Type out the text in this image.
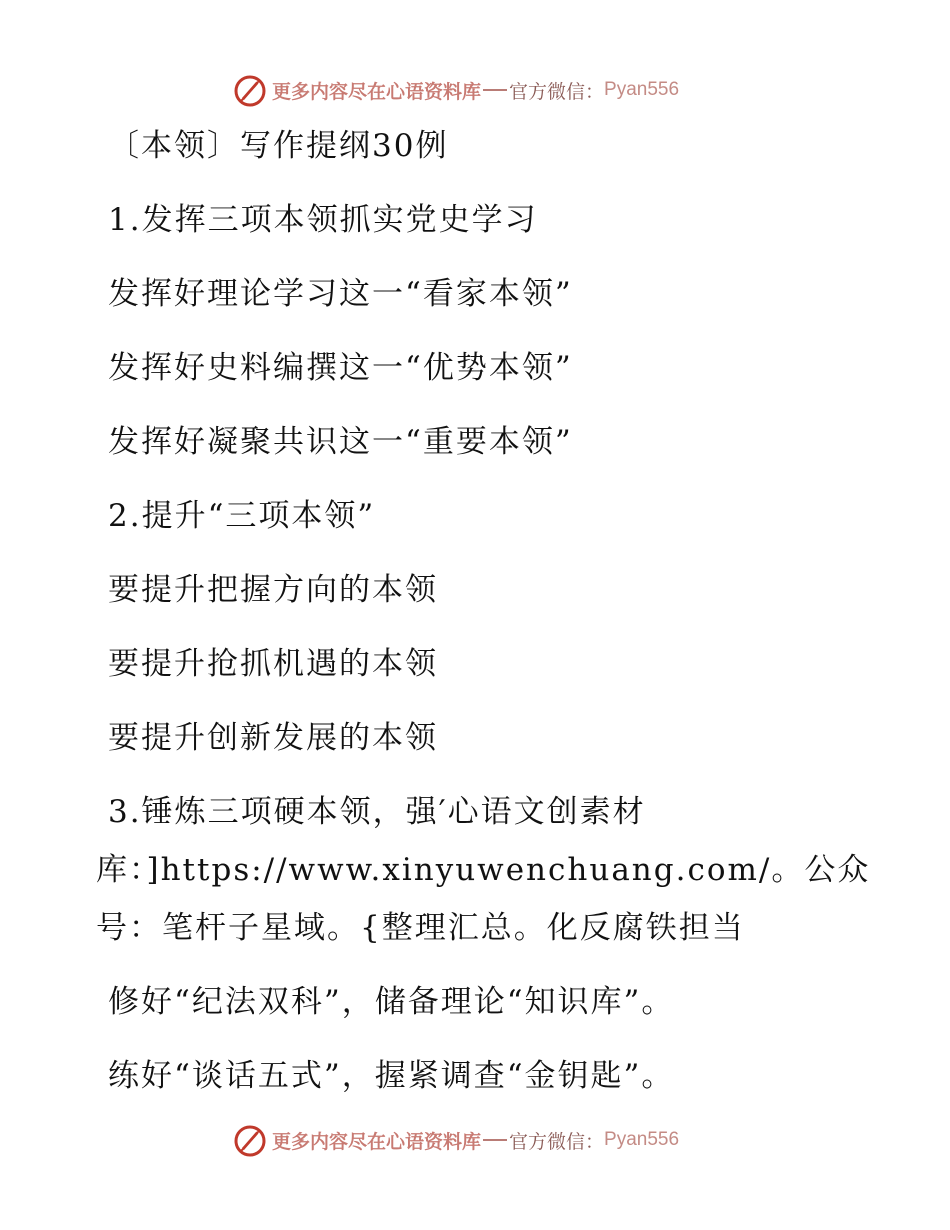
更多内容尽在心语资料库 官方微信： Pyan556
〔本领〕写作提纲30例
1.发挥三项本领抓实党史学习
发挥好理论学习这一“看家本领”
发挥好史料编撰这一“优势本领”
发挥好凝聚共识这一“重要本领”
2.提升“三项本领”
要提升把握方向的本领
要提升抢抓机遇的本领
要提升创新发展的本领
3.锤炼三项硬本领，强′心语文创素材
库：]https://www.xinyuwenchuang.com/。公众
号：笔杆子星域。{整理汇总。化反腐铁担当
修好“纪法双科”，储备理论“知识库”。
练好“谈话五式”，握紧调查“金钥匙”。
更多内容尽在心语资料库 官方微信： Pyan556
